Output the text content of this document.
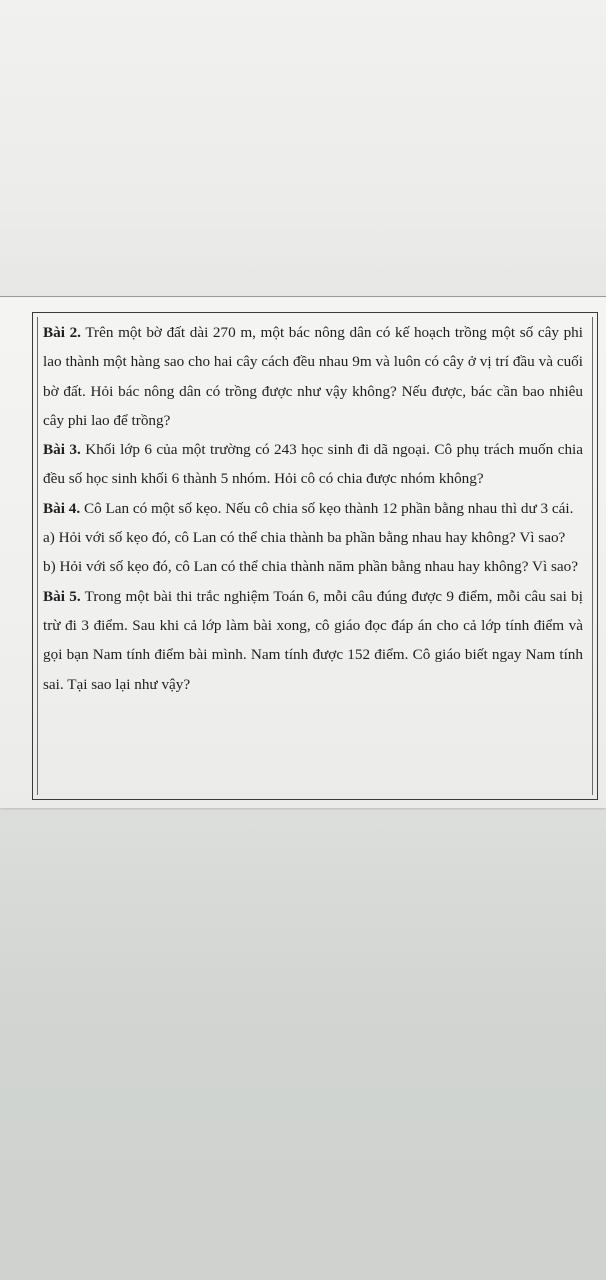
Bài 2. Trên một bờ đất dài 270 m, một bác nông dân có kế hoạch trồng một số cây phi lao thành một hàng sao cho hai cây cách đều nhau 9m và luôn có cây ở vị trí đầu và cuối bờ đất. Hỏi bác nông dân có trồng được như vậy không? Nếu được, bác cần bao nhiêu cây phi lao để trồng?

Bài 3. Khối lớp 6 của một trường có 243 học sinh đi dã ngoại. Cô phụ trách muốn chia đều số học sinh khối 6 thành 5 nhóm. Hỏi cô có chia được nhóm không?

Bài 4. Cô Lan có một số kẹo. Nếu cô chia số kẹo thành 12 phần bằng nhau thì dư 3 cái.

a) Hỏi với số kẹo đó, cô Lan có thể chia thành ba phần bằng nhau hay không? Vì sao?

b) Hỏi với số kẹo đó, cô Lan có thể chia thành năm phần bằng nhau hay không? Vì sao?

Bài 5. Trong một bài thi trắc nghiệm Toán 6, mỗi câu đúng được 9 điểm, mỗi câu sai bị trừ đi 3 điểm. Sau khi cả lớp làm bài xong, cô giáo đọc đáp án cho cả lớp tính điểm và gọi bạn Nam tính điểm bài mình. Nam tính được 152 điểm. Cô giáo biết ngay Nam tính sai. Tại sao lại như vậy?
